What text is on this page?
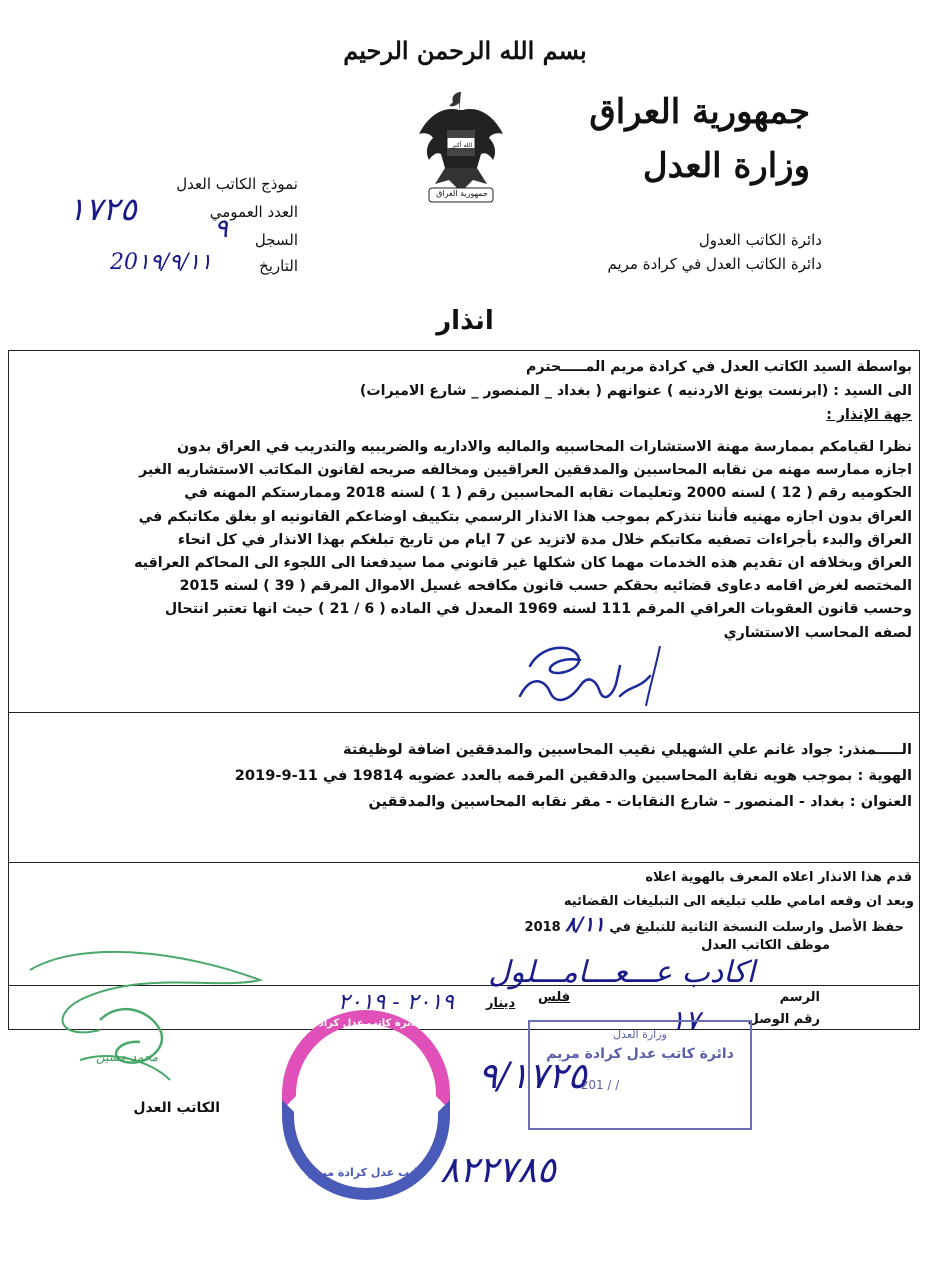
بسم الله الرحمن الرحيم
جمهورية العراق
وزارة العدل
الله أكبر
جمهورية العراق
نموذج الكاتب العدل
العدد العمومي
١٧٢٥
السجل
٩
التاريخ
20١٩/٩/١١
دائرة الكاتب العدول
دائرة الكاتب العدل في كرادة مريم
انذار
بواسطة السيد الكاتب العدل في كرادة مريم المـــــحترم
الى السيد : (ابرنست يونغ الاردنيه ) عنوانهم ( بغداد _ المنصور _ شارع الاميرات)
جهة الإنذار :
نظرا لقيامكم بممارسة مهنة الاستشارات المحاسبيه والماليه والاداريه والضريبيه والتدريب في العراق بدون
اجازه ممارسه مهنه من نقابه المحاسبين والمدققين العراقيين ومخالفه صريحه لقانون المكاتب الاستشاريه الغير
الحكوميه رقم ( 12 ) لسنه 2000 وتعليمات نقابه المحاسبين رقم ( 1 ) لسنه 2018 وممارستكم المهنه في
العراق بدون اجازه مهنيه فأننا ننذركم بموجب هذا الانذار الرسمي بتكييف اوضاعكم القانونيه او بغلق مكاتبكم في
العراق والبدء بأجراءات تصفيه مكاتبكم خلال مدة لاتزيد عن 7 ايام من تاريخ تبلغكم بهذا الانذار في كل انحاء
العراق وبخلافه ان تقديم هذه الخدمات مهما كان شكلها غير قانوني مما سيدفعنا الى اللجوء الى المحاكم العراقيه
المختصه لغرض اقامه دعاوى قضائيه بحقكم حسب قانون مكافحه غسيل الاموال المرقم ( 39 ) لسنه 2015
وحسب قانون العقوبات العراقي المرقم 111 لسنه 1969 المعدل في الماده ( 6 / 21 ) حيث انها تعتبر انتحال
لصفه المحاسب الاستشاري
الـــــمنذر: جواد غانم علي الشهيلي نقيب المحاسبين والمدققين اضافة لوظيفتة
الهوية : بموجب هويه نقابة المحاسبين والدقفين المرقمه بالعدد عضويه 19814 في 11-9-2019
العنوان : بغداد - المنصور – شارع النقابات - مقر نقابه المحاسبين والمدققين
قدم هذا الانذار اعلاه المعرف بالهوية اعلاه
وبعد ان وقعه امامي طلب تبليغه الى التبليغات القضائيه
حفظ الأصل وارسلت النسخة الثانية للتبليغ في ٨/١١ 2018
موظف الكاتب العدل
اكادب عـــعـــامـــلول
الرسم
رقم الوصل
فلس
دينار
١٧
٢٠١٩ - ٢٠١٩
دائرة كاتب عدل كرادة مريم
كاتب عدل كرادة مريم
وزارة العدل
دائرة كاتب عدل كرادة مريم
201 / /
٩/١٧٢٥
٨٢٢٧٨٥
محمد حسين
الكاتب العدل
